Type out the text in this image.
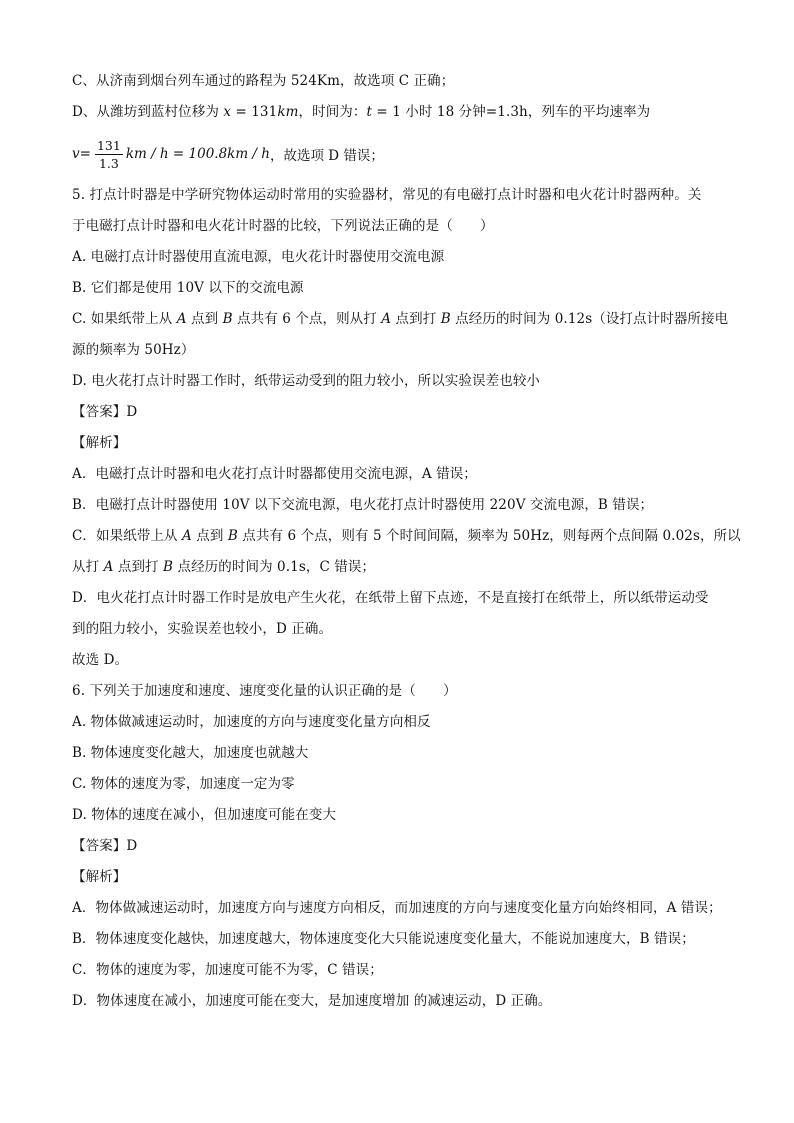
C、从济南到烟台列车通过的路程为 524Km，故选项 C 正确；
D、从潍坊到蓝村位移为 x = 131km，时间为：t = 1 小时 18 分钟=1.3h，列车的平均速率为
$v = \frac{131}{1.3}$ km / h = 100.8km / h ，故选项 D 错误；
5. 打点计时器是中学研究物体运动时常用的实验器材，常见的有电磁打点计时器和电火花计时器两种。关
于电磁打点计时器和电火花计时器的比较，下列说法正确的是（　　）
A. 电磁打点计时器使用直流电源，电火花计时器使用交流电源
B. 它们都是使用 10V 以下的交流电源
C. 如果纸带上从 A 点到 B 点共有 6 个点，则从打 A 点到打 B 点经历的时间为 0.12s（设打点计时器所接电
源的频率为 50Hz）
D. 电火花打点计时器工作时，纸带运动受到的阻力较小，所以实验误差也较小
【答案】D
【解析】
A．电磁打点计时器和电火花打点计时器都使用交流电源，A 错误；
B．电磁打点计时器使用 10V 以下交流电源，电火花打点计时器使用 220V 交流电源，B 错误；
C．如果纸带上从 A 点到 B 点共有 6 个点，则有 5 个时间间隔，频率为 50Hz，则每两个点间隔 0.02s，所以
从打 A 点到打 B 点经历的时间为 0.1s，C 错误；
D．电火花打点计时器工作时是放电产生火花，在纸带上留下点迹，不是直接打在纸带上，所以纸带运动受
到的阻力较小，实验误差也较小，D 正确。
故选 D。
6. 下列关于加速度和速度、速度变化量的认识正确的是（　　）
A. 物体做减速运动时，加速度的方向与速度变化量方向相反
B. 物体速度变化越大，加速度也就越大
C. 物体的速度为零，加速度一定为零
D. 物体的速度在减小，但加速度可能在变大
【答案】D
【解析】
A．物体做减速运动时，加速度方向与速度方向相反，而加速度的方向与速度变化量方向始终相同，A 错误；
B．物体速度变化越快，加速度越大，物体速度变化大只能说速度变化量大，不能说加速度大，B 错误；
C．物体的速度为零，加速度可能不为零，C 错误；
D．物体速度在减小，加速度可能在变大，是加速度增加 的减速运动，D 正确。
